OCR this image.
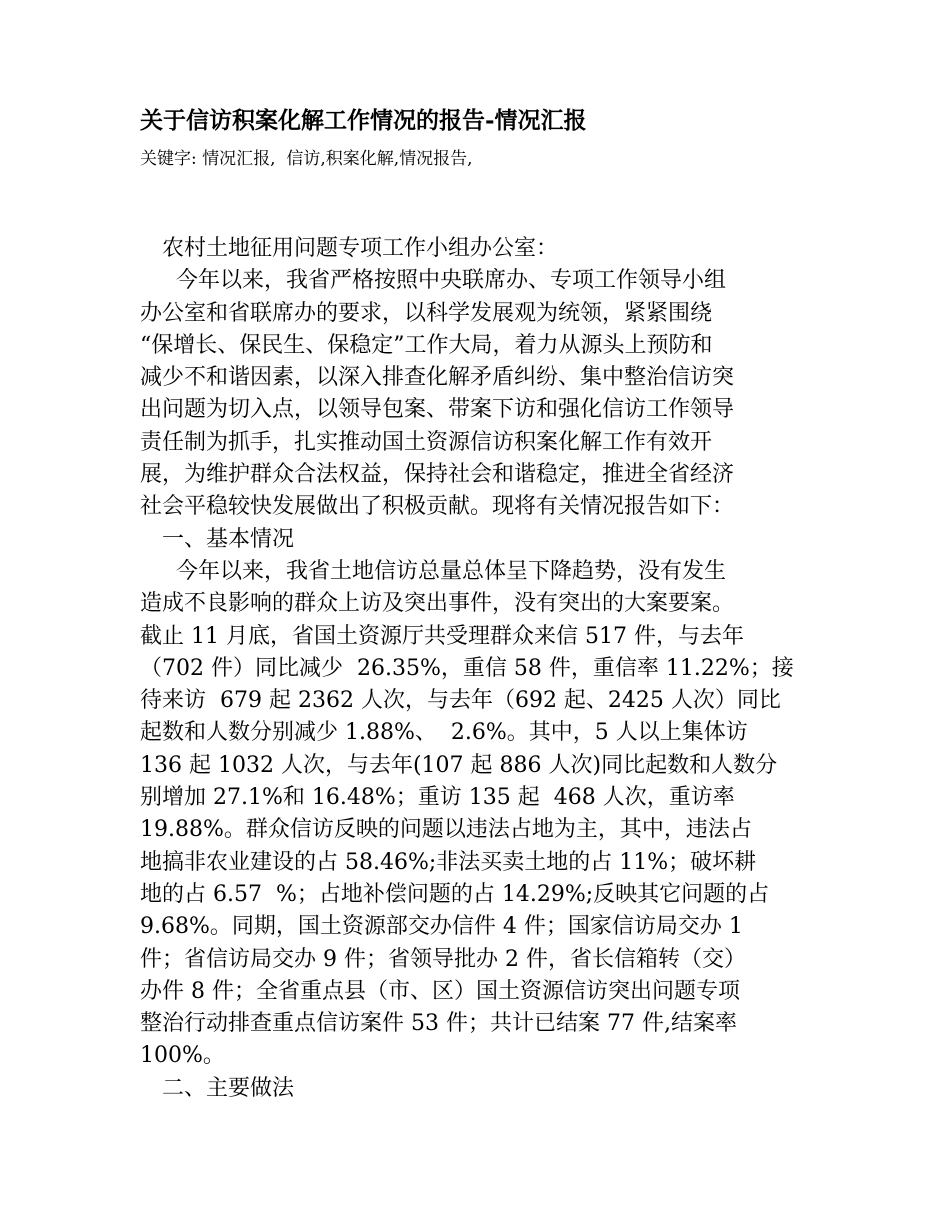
关于信访积案化解工作情况的报告-情况汇报
关键字: 情况汇报,  信访,积案化解,情况报告,
农村土地征用问题专项工作小组办公室：
今年以来，我省严格按照中央联席办、专项工作领导小组
办公室和省联席办的要求，以科学发展观为统领，紧紧围绕
“保增长、保民生、保稳定”工作大局，着力从源头上预防和
减少不和谐因素，以深入排查化解矛盾纠纷、集中整治信访突
出问题为切入点，以领导包案、带案下访和强化信访工作领导
责任制为抓手，扎实推动国土资源信访积案化解工作有效开
展，为维护群众合法权益，保持社会和谐稳定，推进全省经济
社会平稳较快发展做出了积极贡献。现将有关情况报告如下：
一、基本情况
今年以来，我省土地信访总量总体呈下降趋势，没有发生
造成不良影响的群众上访及突出事件，没有突出的大案要案。
截止 11 月底，省国土资源厅共受理群众来信 517 件，与去年
（702 件）同比减少  26.35%，重信 58 件，重信率 11.22%；接
待来访  679 起 2362 人次，与去年（692 起、2425 人次）同比
起数和人数分别减少 1.88%、  2.6%。其中，5 人以上集体访
136 起 1032 人次，与去年(107 起 886 人次)同比起数和人数分
别增加 27.1%和 16.48%；重访 135 起  468 人次，重访率
19.88%。群众信访反映的问题以违法占地为主，其中，违法占
地搞非农业建设的占 58.46%;非法买卖土地的占 11%；破坏耕
地的占 6.57  %；占地补偿问题的占 14.29%;反映其它问题的占
9.68%。同期，国土资源部交办信件 4 件；国家信访局交办 1
件；省信访局交办 9 件；省领导批办 2 件，省长信箱转（交）
办件 8 件；全省重点县（市、区）国土资源信访突出问题专项
整治行动排查重点信访案件 53 件；共计已结案 77 件,结案率
100%。
二、主要做法
